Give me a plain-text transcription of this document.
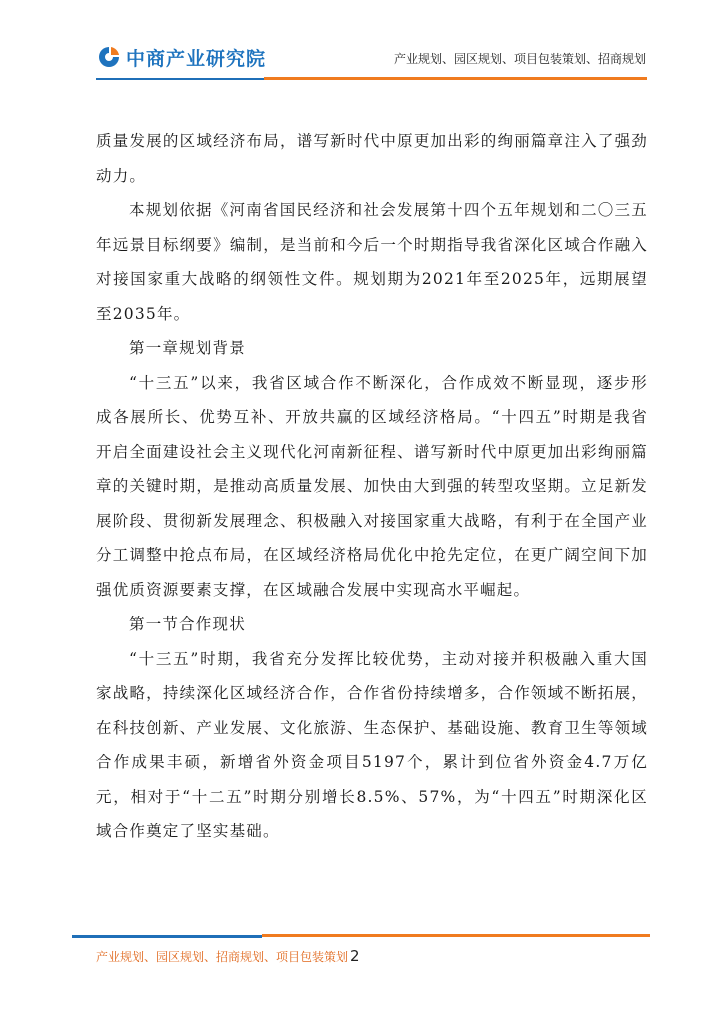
中商产业研究院	产业规划、园区规划、项目包装策划、招商规划

质量发展的区域经济布局，谱写新时代中原更加出彩的绚丽篇章注入了强劲动力。

本规划依据《河南省国民经济和社会发展第十四个五年规划和二〇三五年远景目标纲要》编制，是当前和今后一个时期指导我省深化区域合作融入对接国家重大战略的纲领性文件。规划期为2021年至2025年，远期展望至2035年。

第一章规划背景

“十三五”以来，我省区域合作不断深化，合作成效不断显现，逐步形成各展所长、优势互补、开放共赢的区域经济格局。“十四五”时期是我省开启全面建设社会主义现代化河南新征程、谱写新时代中原更加出彩绚丽篇章的关键时期，是推动高质量发展、加快由大到强的转型攻坚期。立足新发展阶段、贯彻新发展理念、积极融入对接国家重大战略，有利于在全国产业分工调整中抢点布局，在区域经济格局优化中抢先定位，在更广阔空间下加强优质资源要素支撑，在区域融合发展中实现高水平崛起。

第一节合作现状

“十三五”时期，我省充分发挥比较优势，主动对接并积极融入重大国家战略，持续深化区域经济合作，合作省份持续增多，合作领域不断拓展，在科技创新、产业发展、文化旅游、生态保护、基础设施、教育卫生等领域合作成果丰硕，新增省外资金项目5197个，累计到位省外资金4.7万亿元，相对于“十二五”时期分别增长8.5%、57%，为“十四五”时期深化区域合作奠定了坚实基础。

产业规划、园区规划、招商规划、项目包装策划 2
